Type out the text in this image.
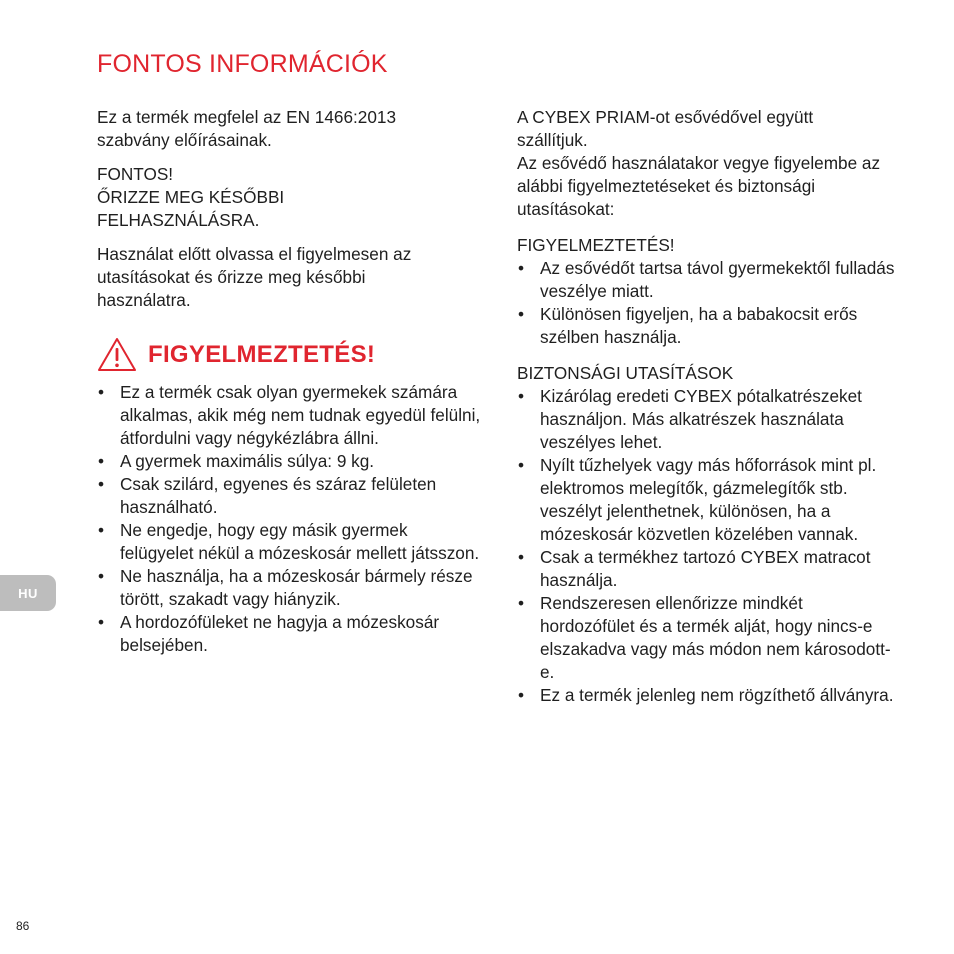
FONTOS INFORMÁCIÓK

Ez a termék megfelel az EN 1466:2013 szabvány előírásainak.

FONTOS!

ŐRIZZE MEG KÉSŐBBI FELHASZNÁLÁSRA.

Használat előtt olvassa el figyelmesen az utasításokat és őrizze meg későbbi használatra.

FIGYELMEZTETÉS!
• Ez a termék csak olyan gyermekek számára alkalmas, akik még nem tudnak egyedül felülni, átfordulni vagy négykézlábra állni.
• A gyermek maximális súlya: 9 kg.
• Csak szilárd, egyenes és száraz felületen használható.
• Ne engedje, hogy egy másik gyermek felügyelet nékül a mózeskosár mellett játsszon.
• Ne használja, ha a mózeskosár bármely része törött, szakadt vagy hiányzik.
• A hordozófüleket ne hagyja a mózeskosár belsejében.

A CYBEX PRIAM-ot esővédővel együtt szállítjuk.

Az esővédő használatakor vegye figyelembe az alábbi figyelmeztetéseket és biztonsági utasításokat:

FIGYELMEZTETÉS!

• Az esővédőt tartsa távol gyermekektől fulladás veszélye miatt.
• Különösen figyeljen, ha a babakocsit erős szélben használja.

BIZTONSÁGI UTASÍTÁSOK

• Kizárólag eredeti CYBEX pótalkatrészeket használjon. Más alkatrészek használata veszélyes lehet.
• Nyílt tűzhelyek vagy más hőforrások mint pl. elektromos melegítők, gázmelegítők stb. veszélyt jelenthetnek, különösen, ha a mózeskosár közvetlen közelében vannak.
• Csak a termékhez tartozó CYBEX matracot használja.
• Rendszeresen ellenőrizze mindkét hordozófület és a termék alját, hogy nincs-e elszakadva vagy más módon nem károsodott-e.
• Ez a termék jelenleg nem rögzíthető állványra.
HU
86
